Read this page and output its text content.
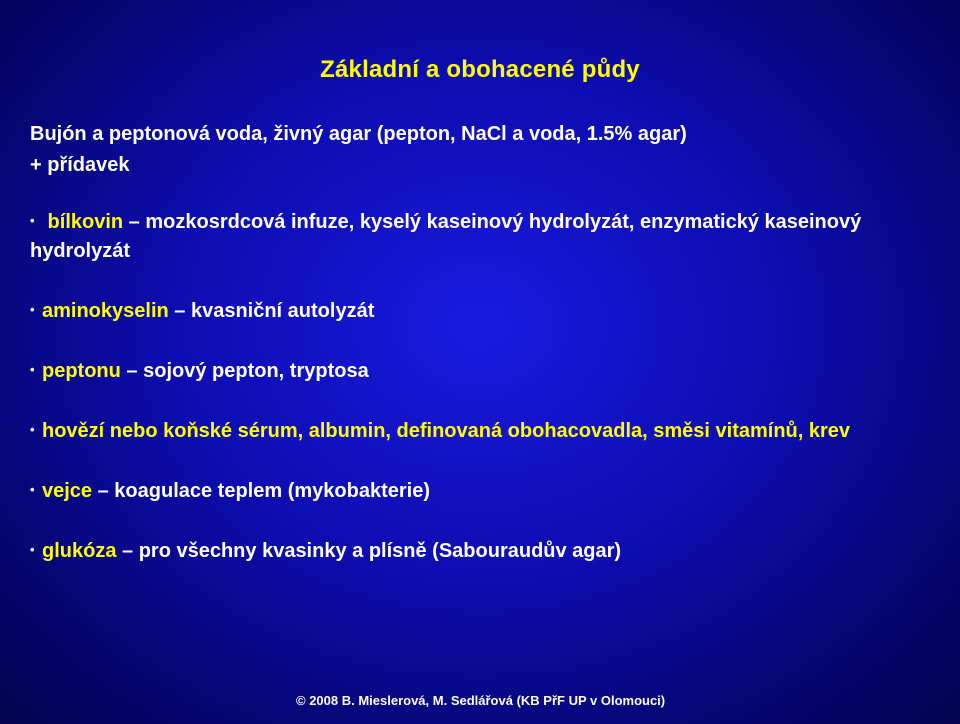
Základní a obohacené půdy
Bujón a peptonová voda, živný agar (pepton, NaCl a voda, 1.5% agar)
+ přídavek
• bílkovin – mozkosrdcová infuze, kyselý kaseinový hydrolyzát, enzymatický kaseinový hydrolyzát
• aminokyselin – kvasniční autolyzát
• peptonu – sojový pepton, tryptosa
• hovězí nebo koňské sérum, albumin, definovaná obohacovadla, směsi vitamínů, krev
• vejce – koagulace teplem (mykobakterie)
• glukóza – pro všechny kvasinky a plísně (Sabouraudův agar)
© 2008 B. Mieslerová, M. Sedlářová (KB PřF UP v Olomouci)
